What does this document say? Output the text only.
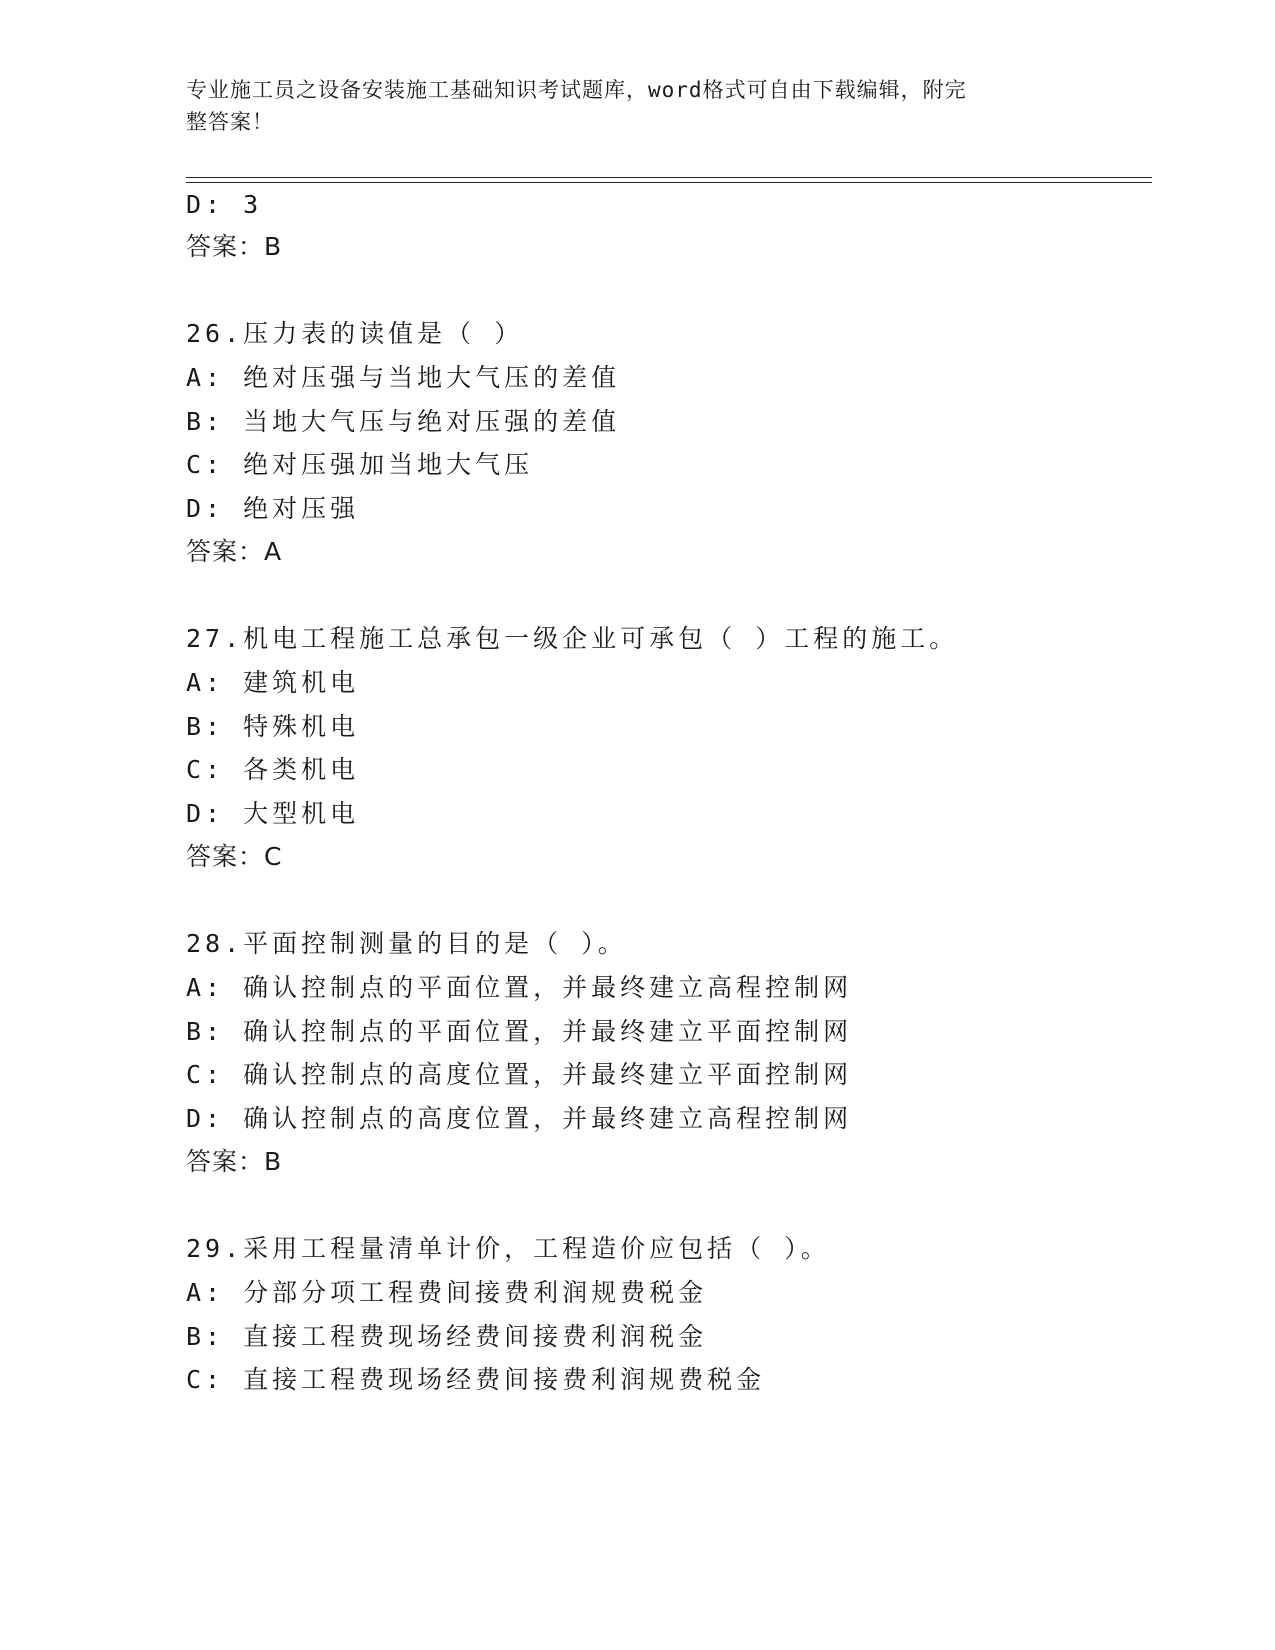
专业施工员之设备安装施工基础知识考试题库，word格式可自由下载编辑，附完
整答案！
D: 3
答案：B
26.压力表的读值是（ ）
A: 绝对压强与当地大气压的差值
B: 当地大气压与绝对压强的差值
C: 绝对压强加当地大气压
D: 绝对压强
答案：A
27.机电工程施工总承包一级企业可承包（ ）工程的施工。
A: 建筑机电
B: 特殊机电
C: 各类机电
D: 大型机电
答案：C
28.平面控制测量的目的是（ ）。
A: 确认控制点的平面位置，并最终建立高程控制网
B: 确认控制点的平面位置，并最终建立平面控制网
C: 确认控制点的高度位置，并最终建立平面控制网
D: 确认控制点的高度位置，并最终建立高程控制网
答案：B
29.采用工程量清单计价，工程造价应包括（ ）。
A: 分部分项工程费间接费利润规费税金
B: 直接工程费现场经费间接费利润税金
C: 直接工程费现场经费间接费利润规费税金
